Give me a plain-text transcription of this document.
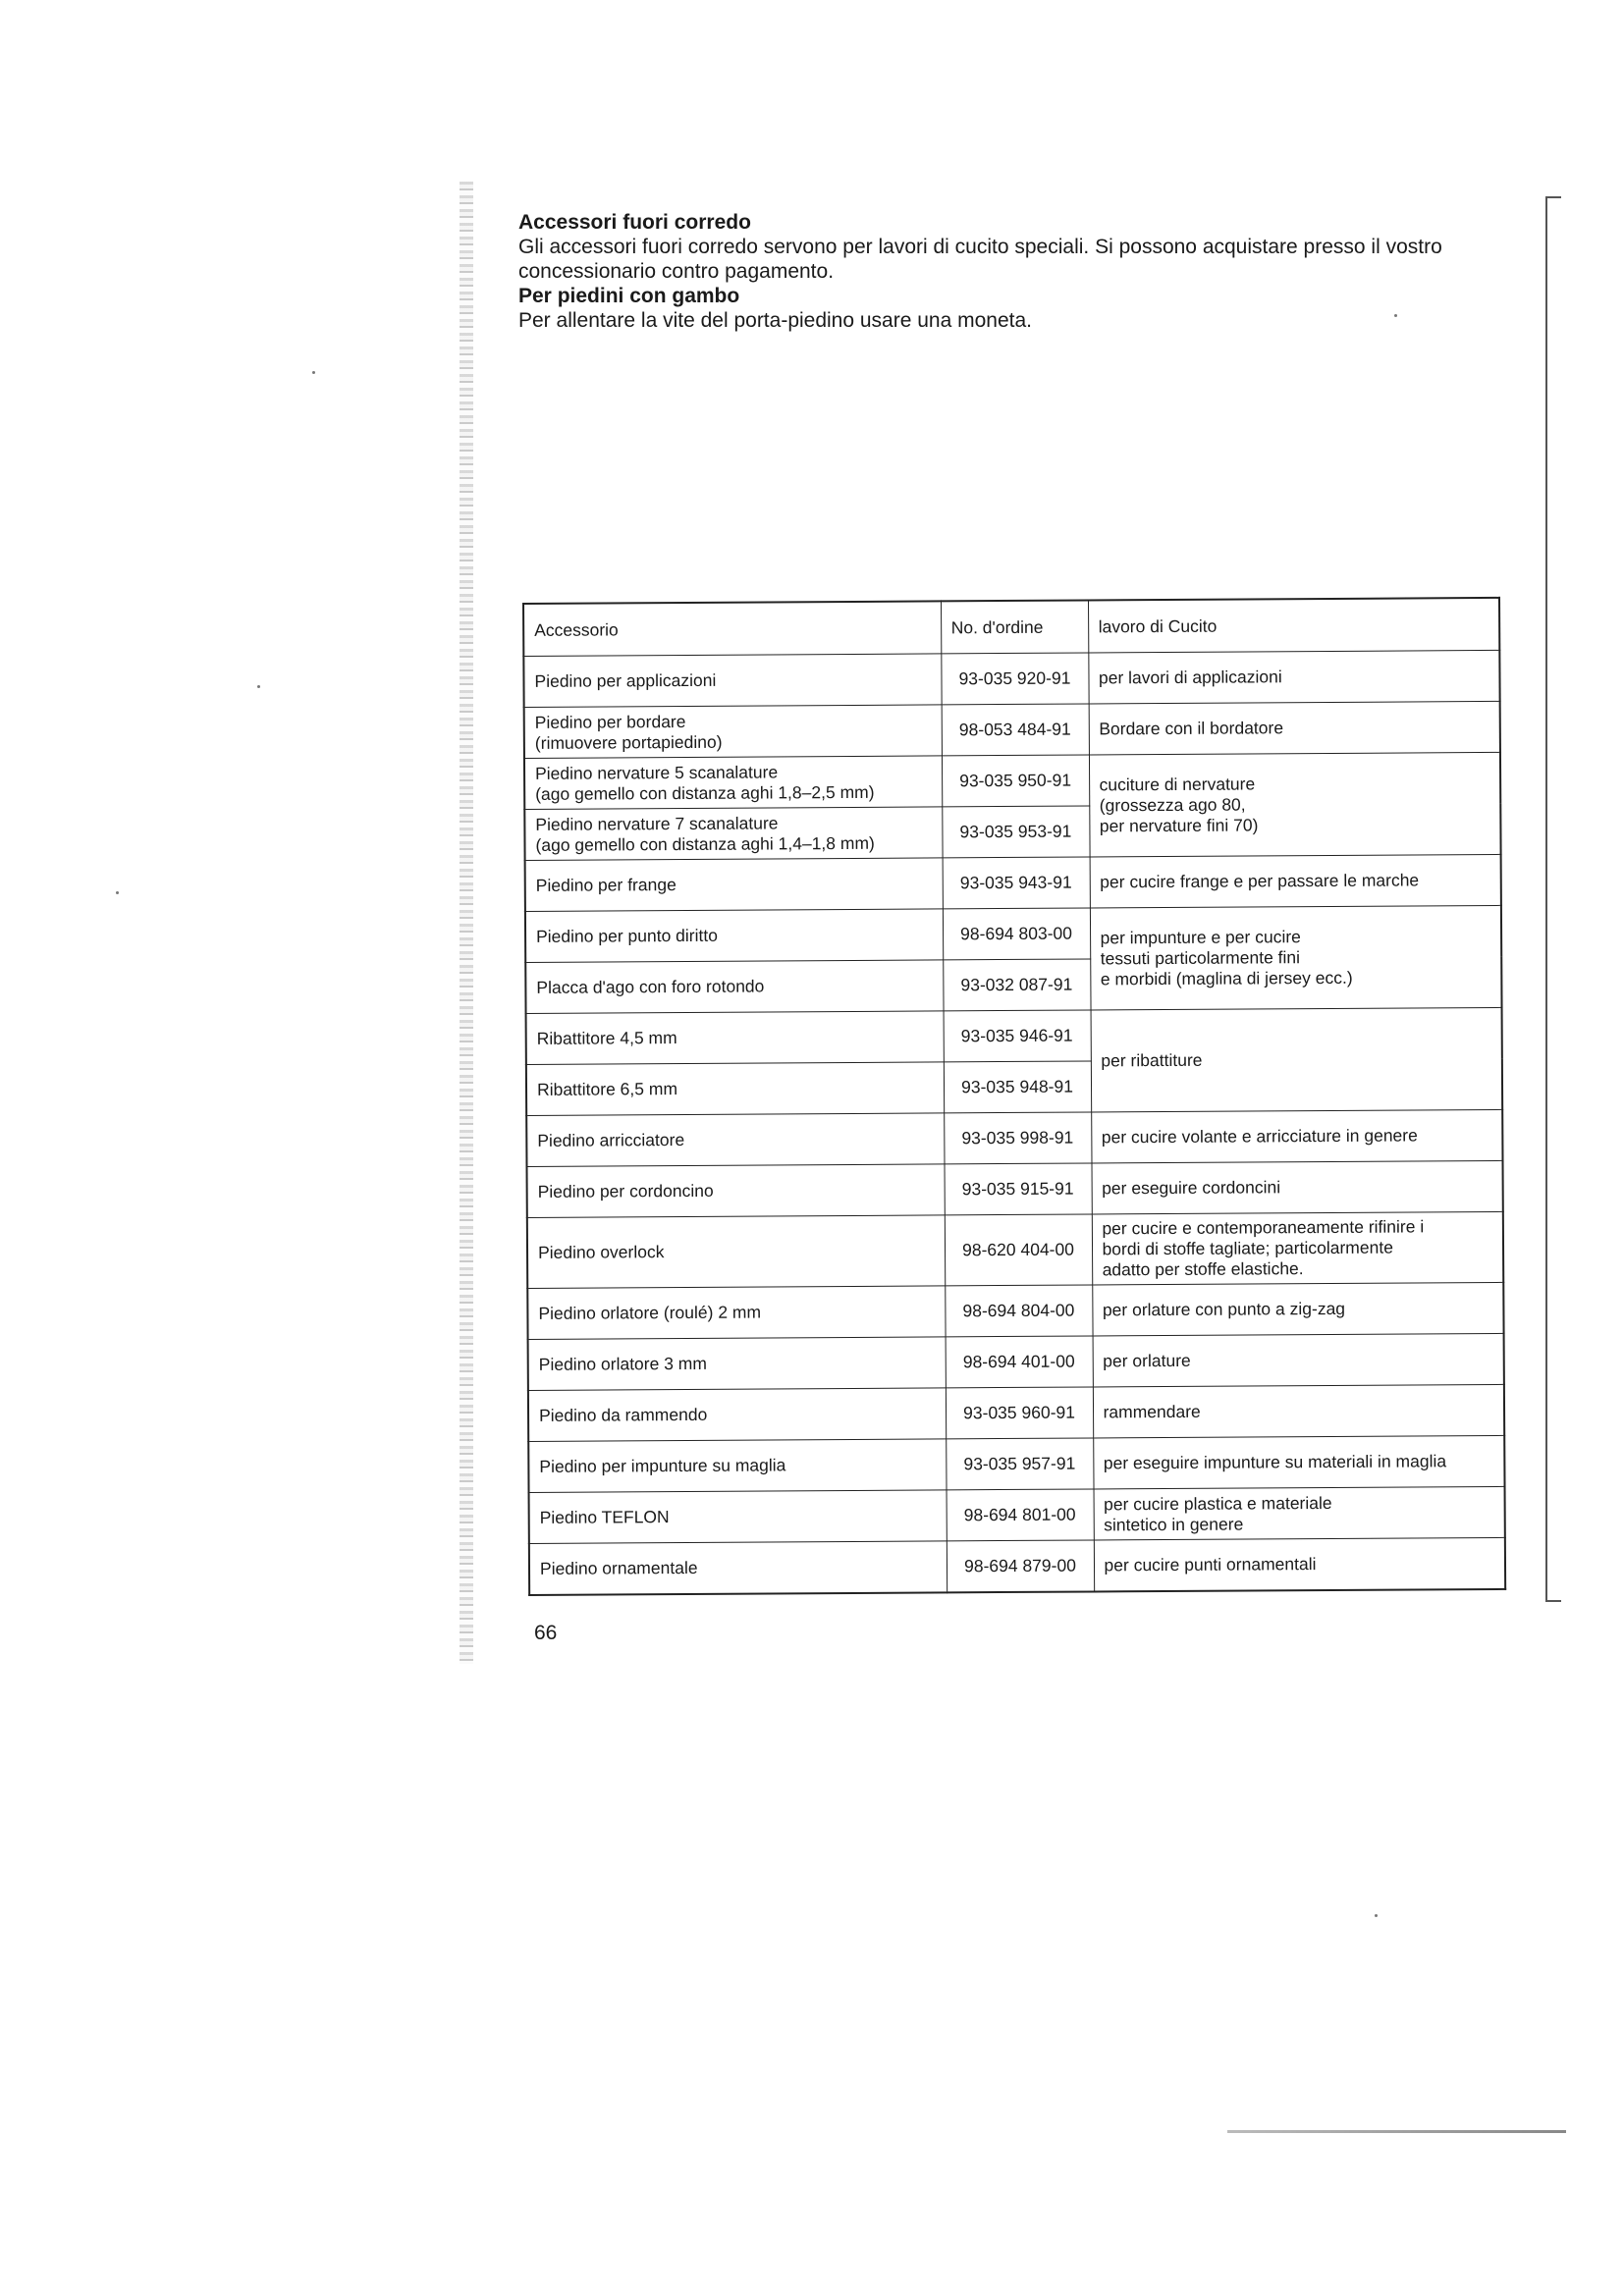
Accessori fuori corredo

Gli accessori fuori corredo servono per lavori di cucito speciali. Si possono acquistare presso il vostro

concessionario contro pagamento.

Per piedini con gambo

Per allentare la vite del porta-piedino usare una moneta.

Accessorio	No. d'ordine	lavoro di Cucito
Piedino per applicazioni	93-035 920-91	per lavori di applicazioni

Piedino per bordare
(rimuovere portapiedino)	98-053 484-91	Bordare con il bordatore

Piedino nervature 5 scanalature
(ago gemello con distanza aghi 1,8–2,5 mm)	93-035 950-91	cuciture di nervature
(grossezza ago 80,
per nervature fini 70)

Piedino nervature 7 scanalature
(ago gemello con distanza aghi 1,4–1,8 mm)	93-035 953-91	
Piedino per frange	93-035 943-91	per cucire frange e per passare le marche
Piedino per punto diritto	98-694 803-00	per impunture e per cucire
tessuti particolarmente fini
e morbidi (maglina di jersey ecc.)

Placca d'ago con foro rotondo	93-032 087-91	
Ribattitore 4,5 mm	93-035 946-91	per ribattiture
Ribattitore 6,5 mm	93-035 948-91	
Piedino arricciatore	93-035 998-91	per cucire volante e arricciature in genere
Piedino per cordoncino	93-035 915-91	per eseguire cordoncini
Piedino overlock	98-620 404-00	per cucire e contemporaneamente rifinire i
bordi di stoffe tagliate; particolarmente
adatto per stoffe elastiche.

Piedino orlatore (roulé) 2 mm	98-694 804-00	per orlature con punto a zig-zag
Piedino orlatore 3 mm	98-694 401-00	per orlature
Piedino da rammendo	93-035 960-91	rammendare
Piedino per impunture su maglia	93-035 957-91	per eseguire impunture su materiali in maglia
Piedino TEFLON	98-694 801-00	per cucire plastica e materiale
sintetico in genere

Piedino ornamentale	98-694 879-00	per cucire punti ornamentali
66
